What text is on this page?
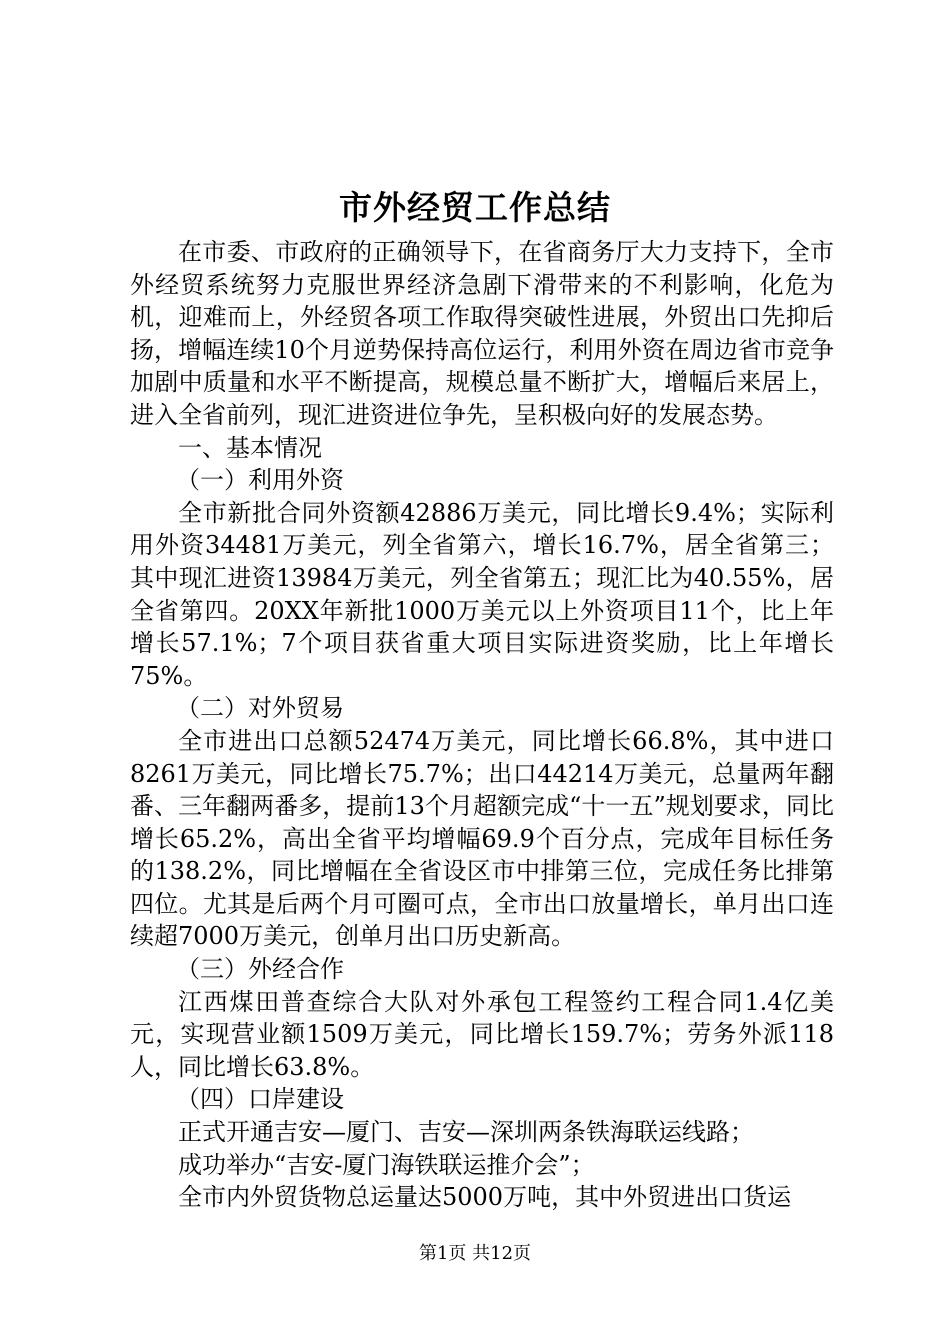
市外经贸工作总结

在市委、市政府的正确领导下，在省商务厅大力支持下，全市外经贸系统努力克服世界经济急剧下滑带来的不利影响，化危为机，迎难而上，外经贸各项工作取得突破性进展，外贸出口先抑后扬，增幅连续10个月逆势保持高位运行，利用外资在周边省市竞争加剧中质量和水平不断提高，规模总量不断扩大，增幅后来居上，进入全省前列，现汇进资进位争先，呈积极向好的发展态势。

一、基本情况

（一）利用外资

全市新批合同外资额42886万美元，同比增长9.4%；实际利用外资34481万美元，列全省第六，增长16.7%，居全省第三；其中现汇进资13984万美元，列全省第五；现汇比为40.55%，居全省第四。20XX年新批1000万美元以上外资项目11个，比上年增长57.1%；7个项目获省重大项目实际进资奖励，比上年增长75%。

（二）对外贸易

全市进出口总额52474万美元，同比增长66.8%，其中进口8261万美元，同比增长75.7%；出口44214万美元，总量两年翻番、三年翻两番多，提前13个月超额完成“十一五”规划要求，同比增长65.2%，高出全省平均增幅69.9个百分点，完成年目标任务的138.2%，同比增幅在全省设区市中排第三位，完成任务比排第四位。尤其是后两个月可圈可点，全市出口放量增长，单月出口连续超7000万美元，创单月出口历史新高。

（三）外经合作

江西煤田普查综合大队对外承包工程签约工程合同1.4亿美元，实现营业额1509万美元，同比增长159.7%；劳务外派118人，同比增长63.8%。

（四）口岸建设

正式开通吉安—厦门、吉安—深圳两条铁海联运线路；

成功举办“吉安-厦门海铁联运推介会”；

全市内外贸货物总运量达5000万吨，其中外贸进出口货运

第1页 共12页
